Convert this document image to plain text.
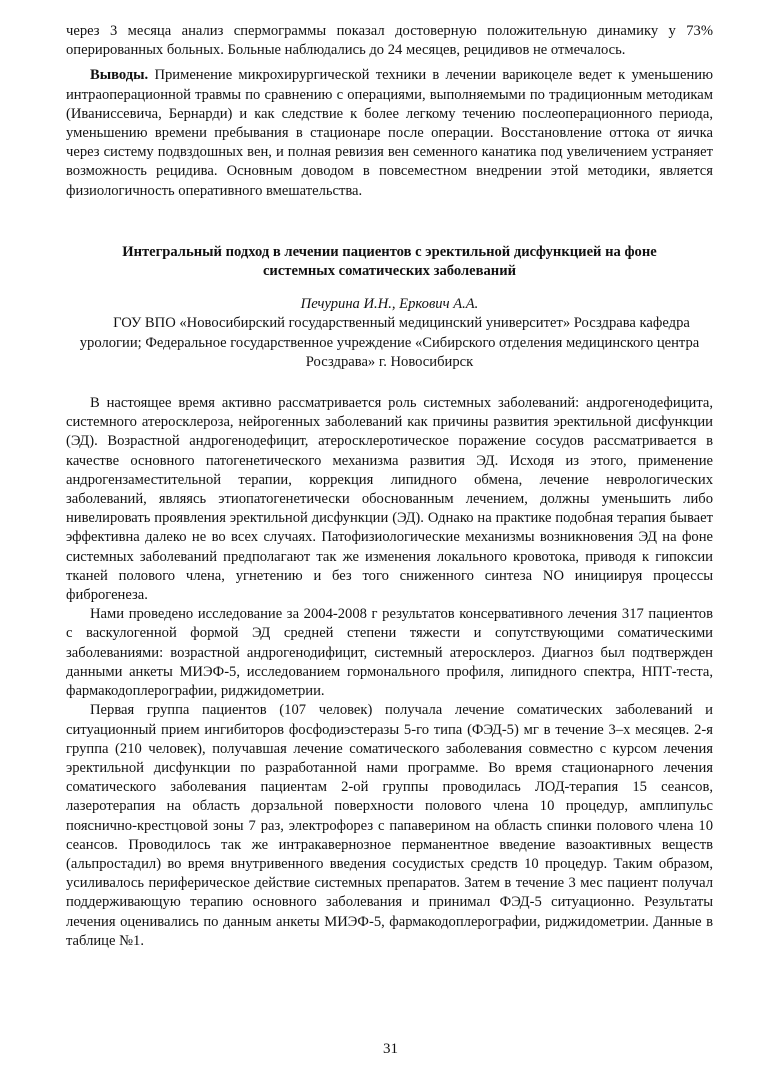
через 3 месяца анализ спермограммы показал достоверную положительную динамику у 73% оперированных больных. Больные наблюдались до 24 месяцев, рецидивов не отмечалось.

Выводы. Применение микрохирургической техники в лечении варикоцеле ведет к уменьшению интраоперационной травмы по сравнению с операциями, выполняемыми по традиционным методикам (Иванисcевича, Бернарди) и как следствие к более легкому течению послеоперационного периода, уменьшению времени пребывания в стационаре после операции. Восстановление оттока от яичка через систему подвздошных вен, и полная ревизия вен семенного канатика под увеличением устраняет возможность рецидива. Основным доводом в повсеместном внедрении этой методики, является физиологичность оперативного вмешательства.

Интегральный подход в лечении пациентов с эректильной дисфункцией на фоне

системных соматических заболеваний

Печурина И.Н., Еркович А.А.

ГОУ ВПО «Новосибирский государственный медицинский университет» Росздрава кафедра урологии; Федеральное государственное учреждение «Сибирского отделения медицинского центра Росздрава» г. Новосибирск

В настоящее время активно рассматривается роль системных заболеваний: андрогенодефицита, системного атеросклероза, нейрогенных заболеваний как причины развития эректильной дисфункции (ЭД). Возрастной андрогенодефицит, атеросклеротическое поражение сосудов рассматривается в качестве основного патогенетического механизма развития ЭД. Исходя из этого, применение андрогензаместительной терапии, коррекция липидного обмена, лечение неврологических заболеваний, являясь этиопатогенетически обоснованным лечением, должны уменьшить либо нивелировать проявления эректильной дисфункции (ЭД). Однако на практике подобная терапия бывает эффективна далеко не во всех случаях. Патофизиологические механизмы возникновения ЭД на фоне системных заболеваний предполагают так же изменения локального кровотока, приводя к гипоксии тканей полового члена, угнетению и без того сниженного синтеза NO инициируя процессы фиброгенеза.

Нами проведено исследование за 2004-2008 г результатов консервативного лечения 317 пациентов с васкулогенной формой ЭД средней степени тяжести и сопутствующими соматическими заболеваниями: возрастной андрогенодифицит, системный атеросклероз. Диагноз был подтвержден данными анкеты МИЭФ-5, исследованием гормонального профиля, липидного спектра, НПТ-теста, фармакодоплерографии, риджидометрии.

Первая группа пациентов (107 человек) получала лечение соматических заболеваний и ситуационный прием ингибиторов фосфодиэстеразы 5-го типа (ФЭД-5) мг в течение 3–х месяцев. 2-я группа (210 человек), получавшая лечение соматического заболевания совместно с курсом лечения эректильной дисфункции по разработанной нами программе. Во время стационарного лечения соматического заболевания пациентам 2-ой группы проводилась ЛОД-терапия 15 сеансов, лазеротерапия на область дорзальной поверхности полового члена 10 процедур, амплипульс пояснично-крестцовой зоны 7 раз, электрофорез с папаверином на область спинки полового члена 10 сеансов. Проводилось так же интракавернозное перманентное введение вазоактивных веществ (альпростадил) во время внутривенного введения сосудистых средств 10 процедур. Таким образом, усиливалось периферическое действие системных препаратов. Затем в течение 3 мес пациент получал поддерживающую терапию основного заболевания и принимал ФЭД-5 ситуационно. Результаты лечения оценивались по данным анкеты МИЭФ-5, фармакодоплерографии, риджидометрии. Данные в таблице №1.

31
